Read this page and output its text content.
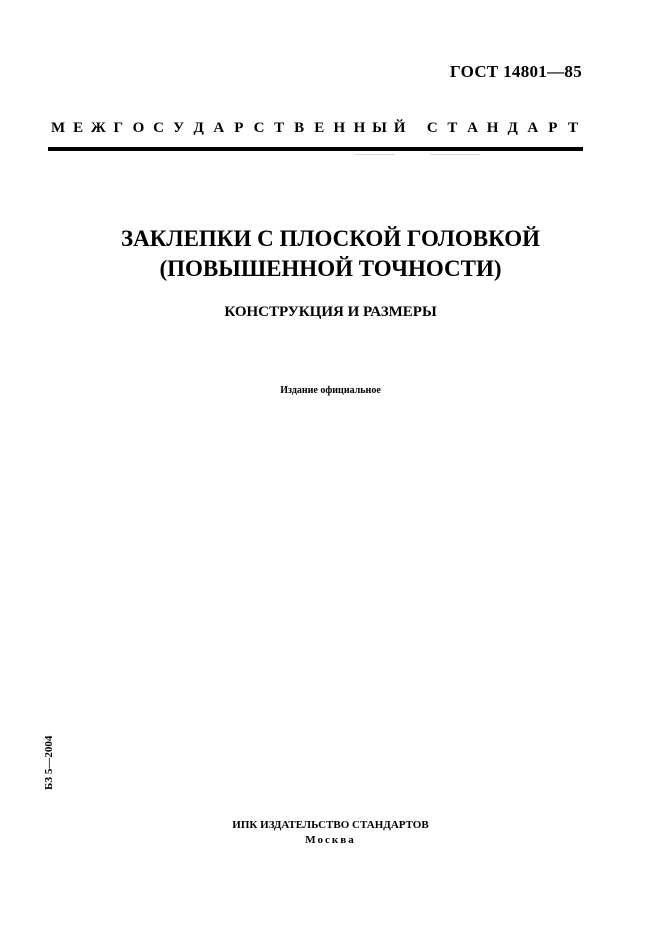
ГОСТ 14801—85
М Е Ж Г О С У Д А Р С Т В Е Н Н Ы Й	С Т А Н Д А Р Т
ЗАКЛЕПКИ С ПЛОСКОЙ ГОЛОВКОЙ
(ПОВЫШЕННОЙ ТОЧНОСТИ)
КОНСТРУКЦИЯ И РАЗМЕРЫ
Издание официальное
БЗ 5—2004
ИПК ИЗДАТЕЛЬСТВО СТАНДАРТОВ
Москва
